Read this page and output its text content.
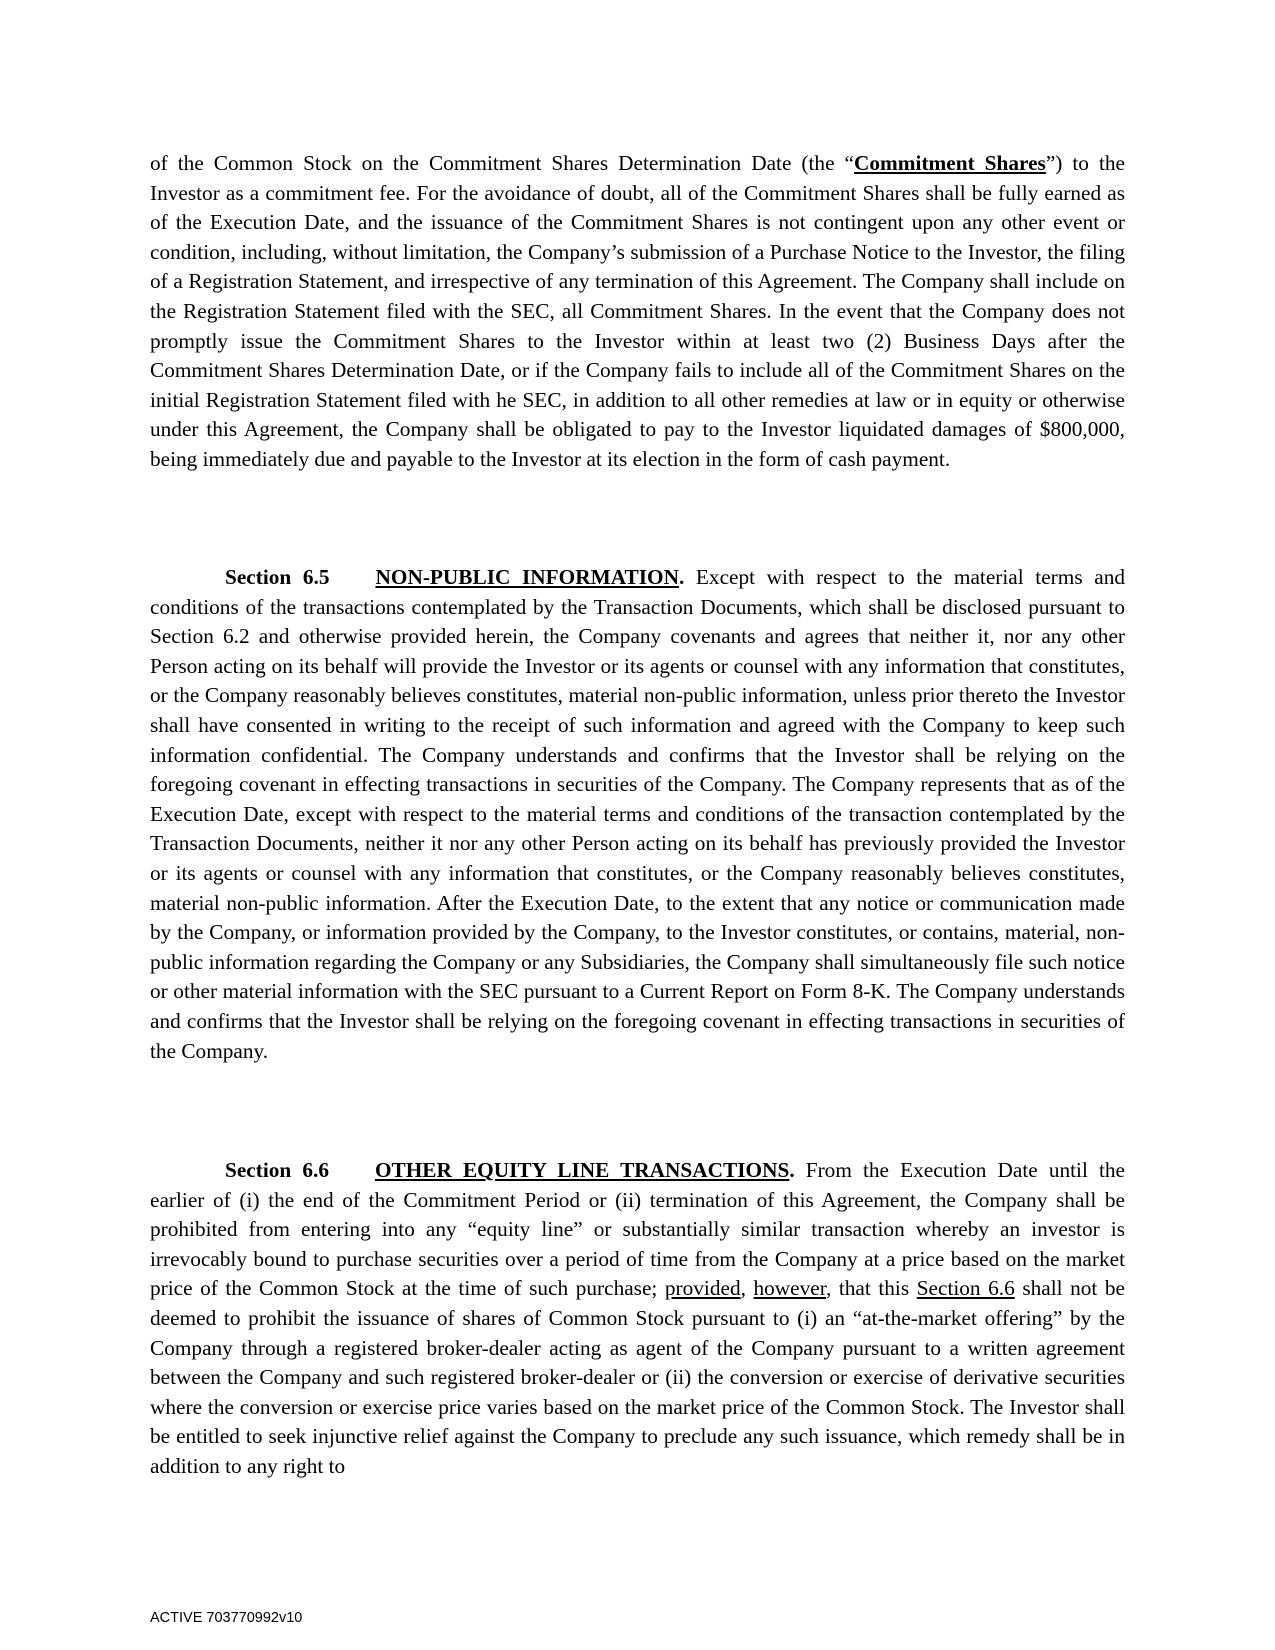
of the Common Stock on the Commitment Shares Determination Date (the “Commitment Shares”) to the Investor as a commitment fee. For the avoidance of doubt, all of the Commitment Shares shall be fully earned as of the Execution Date, and the issuance of the Commitment Shares is not contingent upon any other event or condition, including, without limitation, the Company’s submission of a Purchase Notice to the Investor, the filing of a Registration Statement, and irrespective of any termination of this Agreement. The Company shall include on the Registration Statement filed with the SEC, all Commitment Shares. In the event that the Company does not promptly issue the Commitment Shares to the Investor within at least two (2) Business Days after the Commitment Shares Determination Date, or if the Company fails to include all of the Commitment Shares on the initial Registration Statement filed with he SEC, in addition to all other remedies at law or in equity or otherwise under this Agreement, the Company shall be obligated to pay to the Investor liquidated damages of $800,000, being immediately due and payable to the Investor at its election in the form of cash payment.

Section 6.5 NON-PUBLIC INFORMATION. Except with respect to the material terms and conditions of the transactions contemplated by the Transaction Documents, which shall be disclosed pursuant to Section 6.2 and otherwise provided herein, the Company covenants and agrees that neither it, nor any other Person acting on its behalf will provide the Investor or its agents or counsel with any information that constitutes, or the Company reasonably believes constitutes, material non-public information, unless prior thereto the Investor shall have consented in writing to the receipt of such information and agreed with the Company to keep such information confidential. The Company understands and confirms that the Investor shall be relying on the foregoing covenant in effecting transactions in securities of the Company. The Company represents that as of the Execution Date, except with respect to the material terms and conditions of the transaction contemplated by the Transaction Documents, neither it nor any other Person acting on its behalf has previously provided the Investor or its agents or counsel with any information that constitutes, or the Company reasonably believes constitutes, material non-public information. After the Execution Date, to the extent that any notice or communication made by the Company, or information provided by the Company, to the Investor constitutes, or contains, material, non-public information regarding the Company or any Subsidiaries, the Company shall simultaneously file such notice or other material information with the SEC pursuant to a Current Report on Form 8-K. The Company understands and confirms that the Investor shall be relying on the foregoing covenant in effecting transactions in securities of the Company.

Section 6.6 OTHER EQUITY LINE TRANSACTIONS. From the Execution Date until the earlier of (i) the end of the Commitment Period or (ii) termination of this Agreement, the Company shall be prohibited from entering into any “equity line” or substantially similar transaction whereby an investor is irrevocably bound to purchase securities over a period of time from the Company at a price based on the market price of the Common Stock at the time of such purchase; provided, however, that this Section 6.6 shall not be deemed to prohibit the issuance of shares of Common Stock pursuant to (i) an “at-the-market offering” by the Company through a registered broker-dealer acting as agent of the Company pursuant to a written agreement between the Company and such registered broker-dealer or (ii) the conversion or exercise of derivative securities where the conversion or exercise price varies based on the market price of the Common Stock. The Investor shall be entitled to seek injunctive relief against the Company to preclude any such issuance, which remedy shall be in addition to any right to

ACTIVE 703770992v10
